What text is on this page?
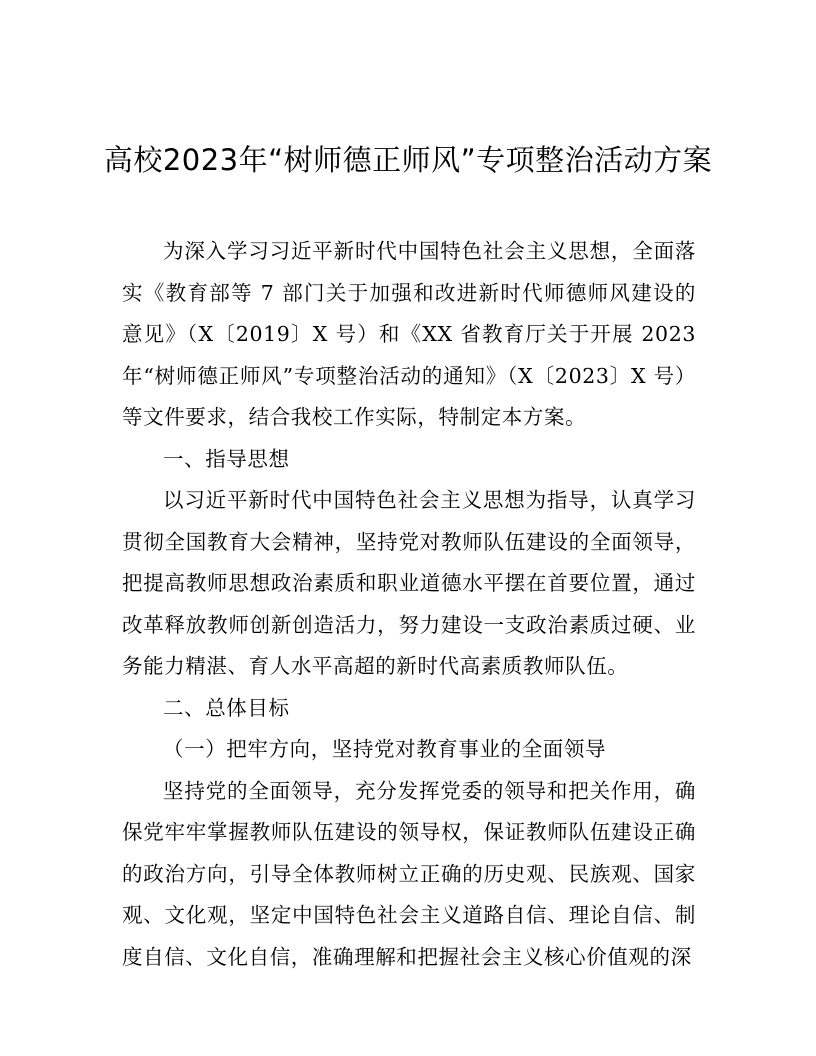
高校2023年“树师德正师风”专项整治活动方案

为深入学习习近平新时代中国特色社会主义思想，全面落实《教育部等 7 部门关于加强和改进新时代师德师风建设的意见》（X〔2019〕X 号）和《XX 省教育厅关于开展 2023年“树师德正师风”专项整治活动的通知》（X〔2023〕X 号）等文件要求，结合我校工作实际，特制定本方案。

一、指导思想

以习近平新时代中国特色社会主义思想为指导，认真学习贯彻全国教育大会精神，坚持党对教师队伍建设的全面领导，把提高教师思想政治素质和职业道德水平摆在首要位置，通过改革释放教师创新创造活力，努力建设一支政治素质过硬、业务能力精湛、育人水平高超的新时代高素质教师队伍。

二、总体目标

（一）把牢方向，坚持党对教育事业的全面领导

坚持党的全面领导，充分发挥党委的领导和把关作用，确保党牢牢掌握教师队伍建设的领导权，保证教师队伍建设正确的政治方向，引导全体教师树立正确的历史观、民族观、国家观、文化观，坚定中国特色社会主义道路自信、理论自信、制度自信、文化自信，准确理解和把握社会主义核心价值观的深
